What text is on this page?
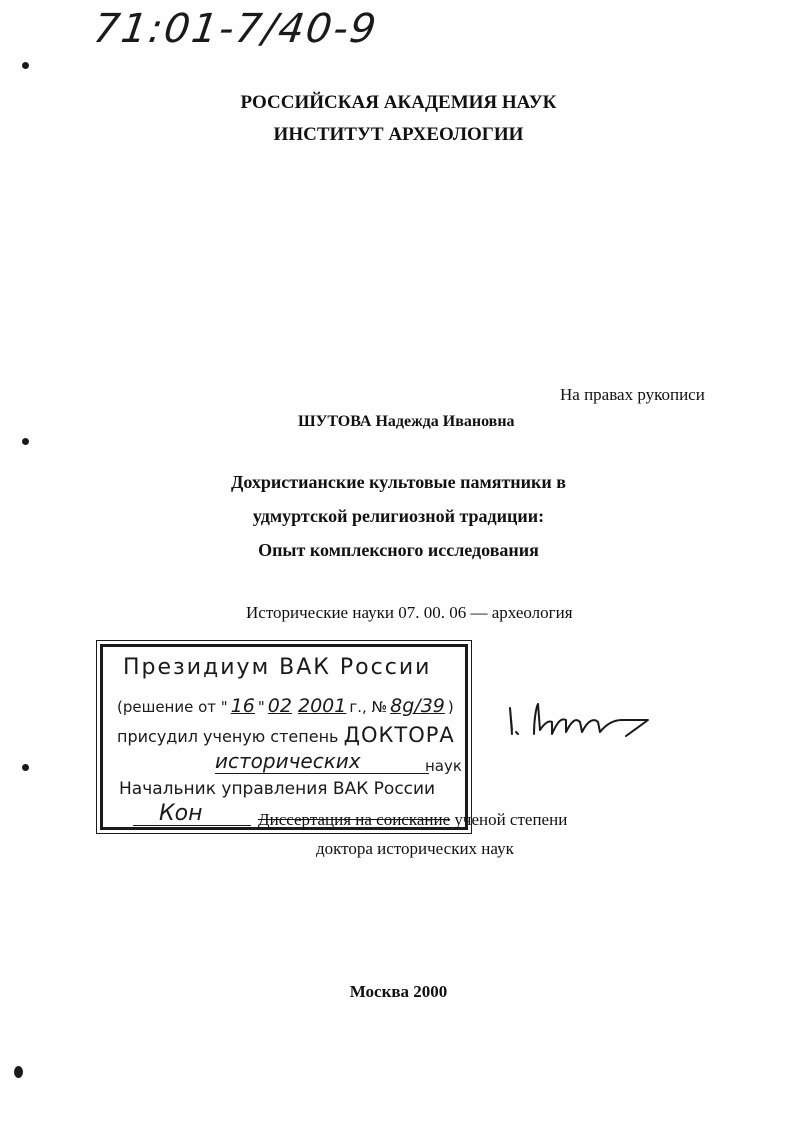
71:01-7/40-9
РОССИЙСКАЯ АКАДЕМИЯ НАУК
ИНСТИТУТ АРХЕОЛОГИИ
На правах рукописи
ШУТОВА Надежда Ивановна
Дохристианские культовые памятники в
удмуртской религиозной традиции:
Опыт комплексного исследования
Исторические науки 07. 00. 06 — археология
Президиум ВАК России
(решение от " 16 " 02 2001 г., № 8g/39 )
присудил ученую степень ДОКТОРА
исторических	наук
Начальник управления ВАК России
Кон	Диссертация на соискание ученой степени
доктора исторических наук
Москва 2000
